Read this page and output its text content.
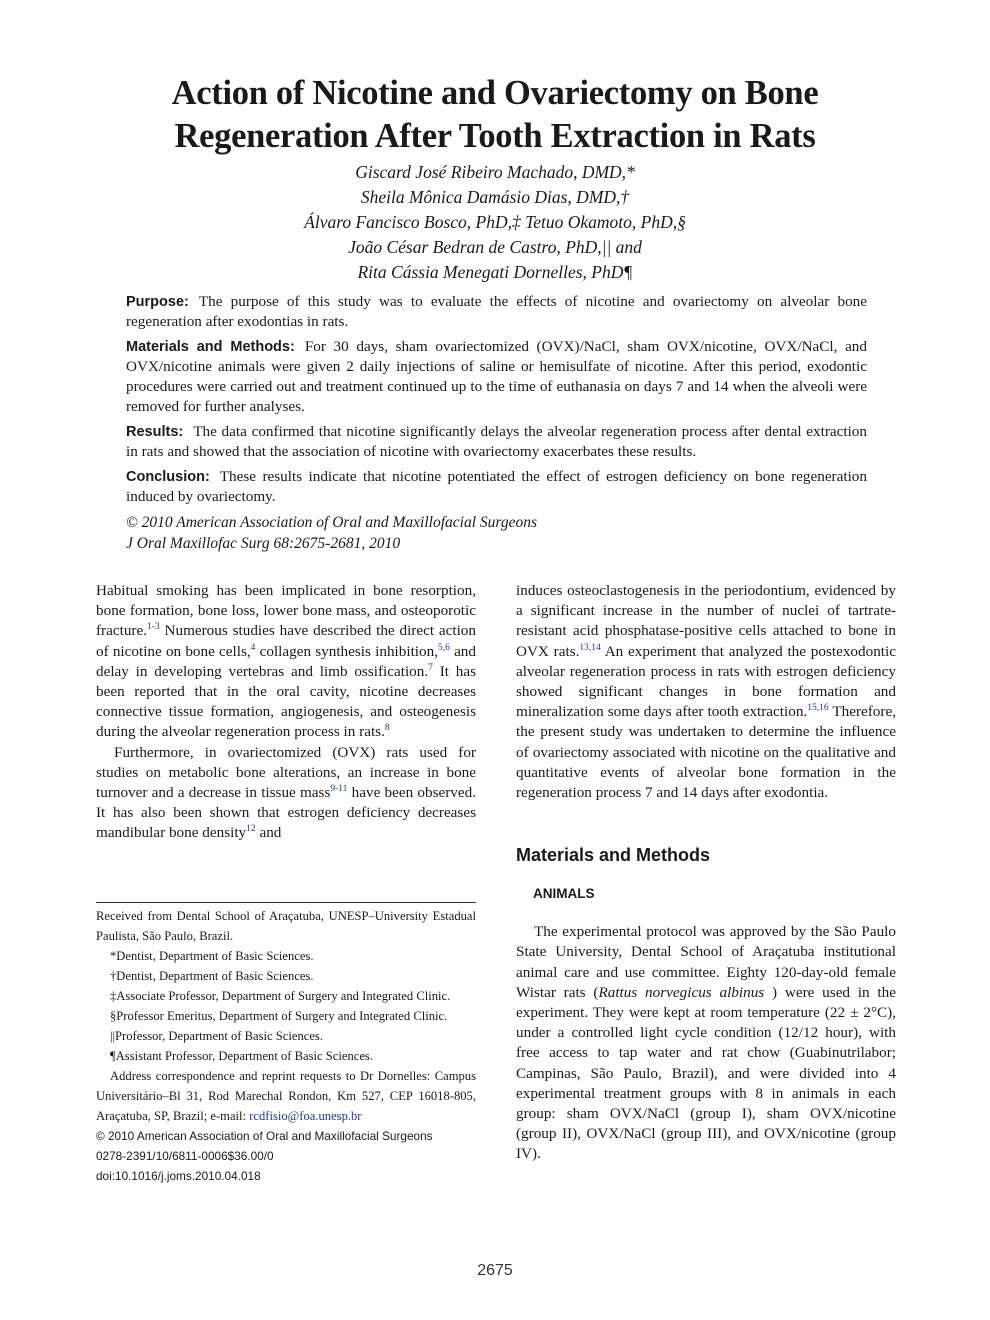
Action of Nicotine and Ovariectomy on Bone
Regeneration After Tooth Extraction in Rats
Giscard José Ribeiro Machado, DMD,*
Sheila Mônica Damásio Dias, DMD,†
Álvaro Fancisco Bosco, PhD,‡ Tetuo Okamoto, PhD,§
João César Bedran de Castro, PhD,|| and
Rita Cássia Menegati Dornelles, PhD¶

Purpose: The purpose of this study was to evaluate the effects of nicotine and ovariectomy on alveolar bone regeneration after exodontias in rats.

Materials and Methods: For 30 days, sham ovariectomized (OVX)/NaCl, sham OVX/nicotine, OVX/NaCl, and OVX/nicotine animals were given 2 daily injections of saline or hemisulfate of nicotine. After this period, exodontic procedures were carried out and treatment continued up to the time of euthanasia on days 7 and 14 when the alveoli were removed for further analyses.

Results: The data confirmed that nicotine significantly delays the alveolar regeneration process after dental extraction in rats and showed that the association of nicotine with ovariectomy exacerbates these results.

Conclusion: These results indicate that nicotine potentiated the effect of estrogen deficiency on bone regeneration induced by ovariectomy.

© 2010 American Association of Oral and Maxillofacial Surgeons

J Oral Maxillofac Surg 68:2675-2681, 2010

Habitual smoking has been implicated in bone resorption, bone formation, bone loss, lower bone mass, and osteoporotic fracture.$^{1-3}$ Numerous studies have described the direct action of nicotine on bone cells,$^4$ collagen synthesis inhibition,$^{5,6}$ and delay in developing vertebras and limb ossification.$^7$ It has been reported that in the oral cavity, nicotine decreases connective tissue formation, angiogenesis, and osteogenesis during the alveolar regeneration process in rats.$^8$

Furthermore, in ovariectomized (OVX) rats used for studies on metabolic bone alterations, an increase in bone turnover and a decrease in tissue mass$^{9-11}$ have been observed. It has also been shown that estrogen deficiency decreases mandibular bone density$^{12}$ and

Received from Dental School of Araçatuba, UNESP–University Estadual Paulista, São Paulo, Brazil.

*Dentist, Department of Basic Sciences.

†Dentist, Department of Basic Sciences.

‡Associate Professor, Department of Surgery and Integrated Clinic.

§Professor Emeritus, Department of Surgery and Integrated Clinic.

||Professor, Department of Basic Sciences.

¶Assistant Professor, Department of Basic Sciences.

Address correspondence and reprint requests to Dr Dornelles: Campus Universitário–Bl 31, Rod Marechal Rondon, Km 527, CEP 16018-805, Araçatuba, SP, Brazil; e-mail: rcdfisio@foa.unesp.br

© 2010 American Association of Oral and Maxillofacial Surgeons

0278-2391/10/6811-0006$36.00/0

doi:10.1016/j.joms.2010.04.018

induces osteoclastogenesis in the periodontium, evidenced by a significant increase in the number of nuclei of tartrate-resistant acid phosphatase-positive cells attached to bone in OVX rats.$^{13,14}$ An experiment that analyzed the postexodontic alveolar regeneration process in rats with estrogen deficiency showed significant changes in bone formation and mineralization some days after tooth extraction.$^{15,16}$ Therefore, the present study was undertaken to determine the influence of ovariectomy associated with nicotine on the qualitative and quantitative events of alveolar bone formation in the regeneration process 7 and 14 days after exodontia.

Materials and Methods
ANIMALS

The experimental protocol was approved by the São Paulo State University, Dental School of Araçatuba institutional animal care and use committee. Eighty 120-day-old female Wistar rats (Rattus norvegicus albinus ) were used in the experiment. They were kept at room temperature (22 ± 2°C), under a controlled light cycle condition (12/12 hour), with free access to tap water and rat chow (Guabinutrilabor; Campinas, São Paulo, Brazil), and were divided into 4 experimental treatment groups with 8 in animals in each group: sham OVX/NaCl (group I), sham OVX/nicotine (group II), OVX/NaCl (group III), and OVX/nicotine (group IV).

2675
